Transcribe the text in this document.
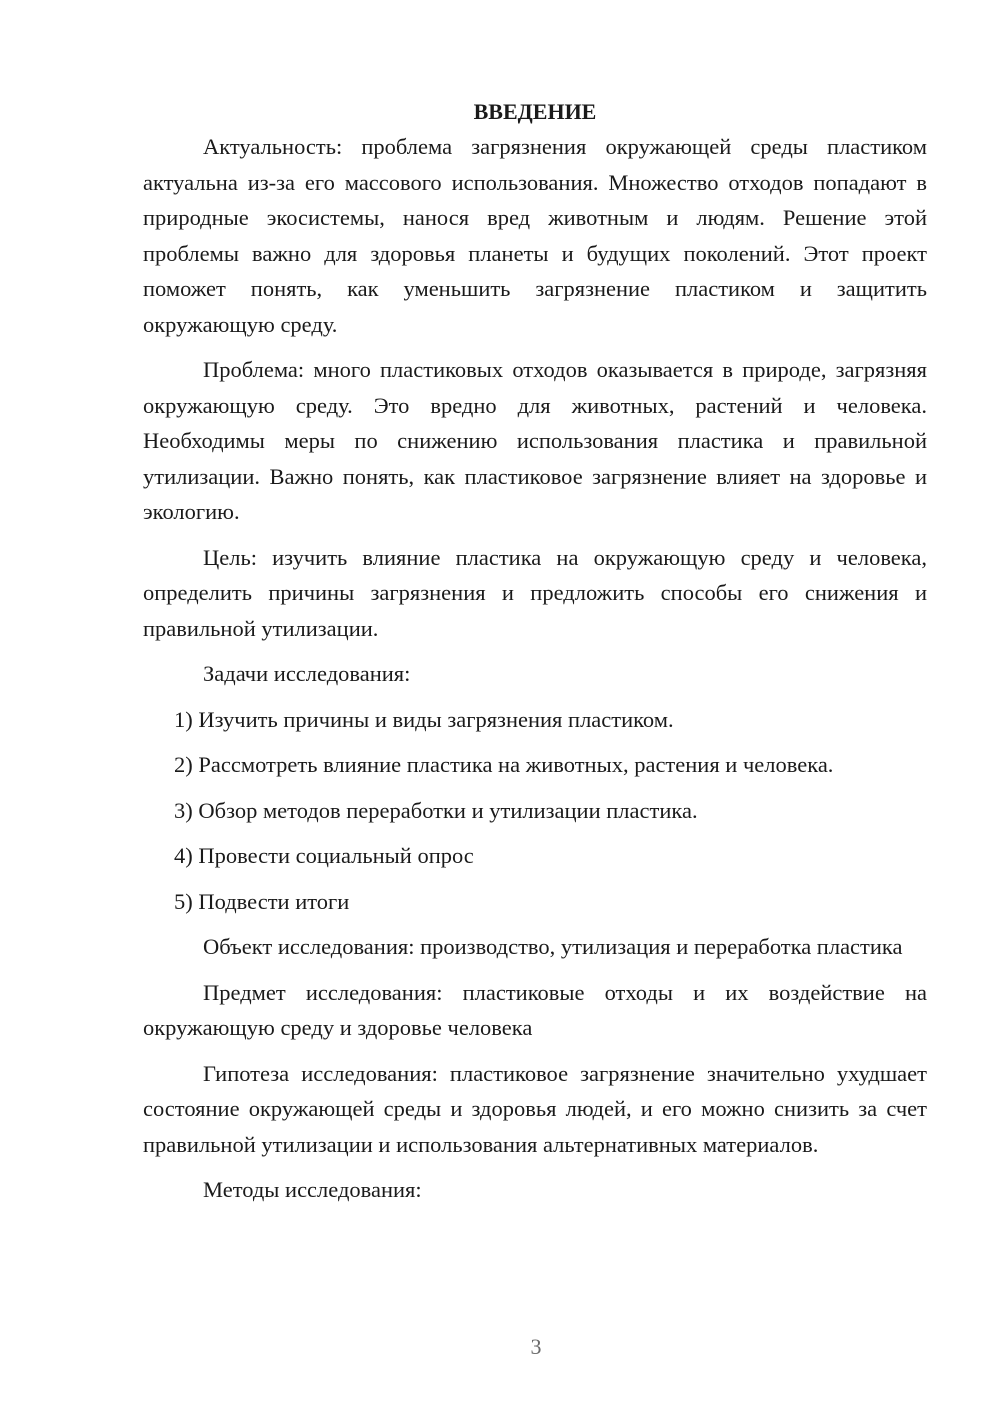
ВВЕДЕНИЕ

Актуальность: проблема загрязнения окружающей среды пластиком актуальна из-за его массового использования. Множество отходов попадают в природные экосистемы, нанося вред животным и людям. Решение этой проблемы важно для здоровья планеты и будущих поколений. Этот проект поможет понять, как уменьшить загрязнение пластиком и защитить окружающую среду.

Проблема: много пластиковых отходов оказывается в природе, загрязняя окружающую среду. Это вредно для животных, растений и человека. Необходимы меры по снижению использования пластика и правильной утилизации. Важно понять, как пластиковое загрязнение влияет на здоровье и экологию.

Цель: изучить влияние пластика на окружающую среду и человека, определить причины загрязнения и предложить способы его снижения и правильной утилизации.

Задачи исследования:

1) Изучить причины и виды загрязнения пластиком.

2) Рассмотреть влияние пластика на животных, растения и человека.

3) Обзор методов переработки и утилизации пластика.

4) Провести социальный опрос

5) Подвести итоги

Объект исследования: производство, утилизация и переработка пластика

Предмет исследования: пластиковые отходы и их воздействие на окружающую среду и здоровье человека

Гипотеза исследования: пластиковое загрязнение значительно ухудшает состояние окружающей среды и здоровья людей, и его можно снизить за счет правильной утилизации и использования альтернативных материалов.

Методы исследования:

3
